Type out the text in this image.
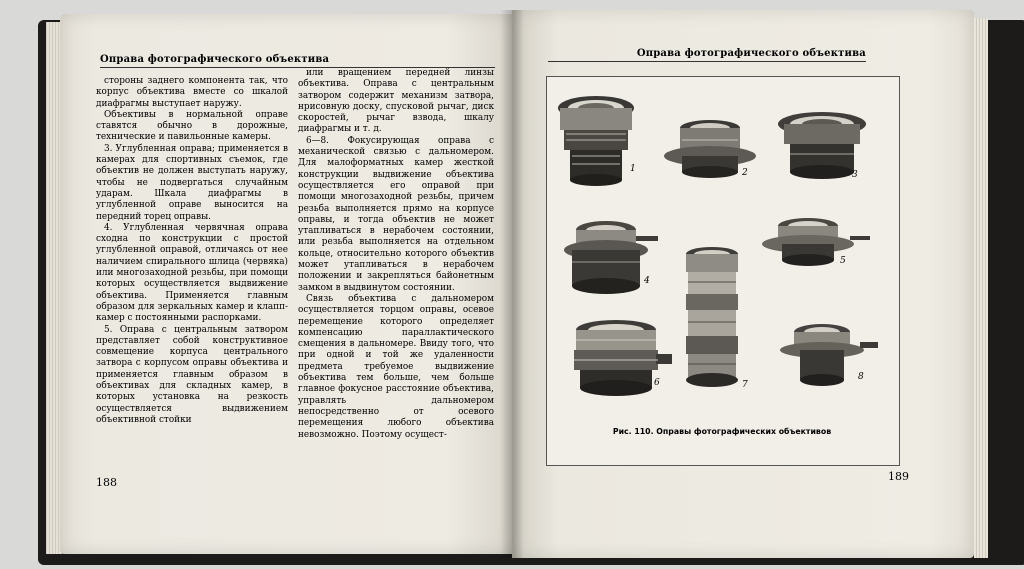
Оправа фотографического объектива

стороны заднего компонента так, что корпус объектива вместе со шкалой диафрагмы выступает наружу.

Объективы в нормальной оправе ставятся обычно в дорожные, технические и павильонные камеры.

3. Углубленная оправа; применяется в камерах для спортивных съемок, где объектив не должен выступать наружу, чтобы не подвергаться случайным ударам. Шкала диафрагмы в углубленной оправе выносится на передний торец оправы.

4. Углубленная червячная оправа сходна по конструкции с простой углубленной оправой, отличаясь от нее наличием спирального шлица (червяка) или многозаходной резьбы, при помощи которых осуществляется выдвижение объектива. Применяется главным образом для зеркальных камер и клапп-камер с постоянными распорками.

5. Оправа с центральным затвором представляет собой конструктивное совмещение корпуса центрального затвора с корпусом оправы объектива и применяется главным образом в объективах для складных камер, в которых установка на резкость осуществляется выдвижением объективной стойки

или вращением передней линзы объектива. Оправа с центральным затвором содержит механизм затвора, нрисовную доску, спусковой рычаг, диск скоростей, рычаг взвода, шкалу диафрагмы и т. д.

6—8. Фокусирующая оправа с механической связью с дальномером. Для малоформатных камер жесткой конструкции выдвижение объектива осуществляется его оправой при помощи многозаходной резьбы, причем резьба выполняется прямо на корпусе оправы, и тогда объектив не может утапливаться в нерабочем состоянии, или резьба выполняется на отдельном кольце, относительно которого объектив может утапливаться в нерабочем положении и закрепляться байонетным замком в выдвинутом состоянии.

Связь объектива с дальномером осуществляется торцом оправы, осевое перемещение которого определяет компенсацию параллактического смещения в дальномере. Ввиду того, что при одной и той же удаленности предмета требуемое выдвижение объектива тем больше, чем больше главное фокусное расстояние объектива, управлять дальномером непосредственно от осевого перемещения любого объектива невозможно. Поэтому осущест-

188
Оправа фотографического объектива
1	2	3
4
5
6	7
8
Рис. 110. Оправы фотографических объективов
189
